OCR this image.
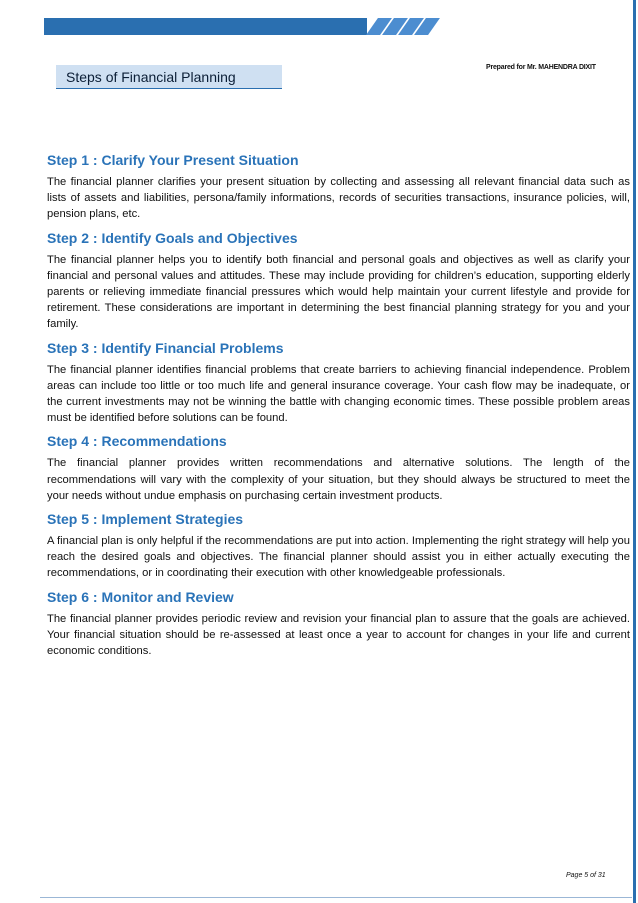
Steps of Financial Planning
Prepared for Mr. MAHENDRA DIXIT
Step 1 : Clarify Your Present Situation

The financial planner clarifies your present situation by collecting and assessing all relevant financial data such as lists of assets and liabilities, persona/family informations, records of securities transactions, insurance policies, will, pension plans, etc.

Step 2 : Identify Goals and Objectives

The financial planner helps you to identify both financial and personal goals and objectives as well as clarify your financial and personal values and attitudes. These may include providing for children’s education, supporting elderly parents or relieving immediate financial pressures which would help maintain your current lifestyle and provide for retirement. These considerations are important in determining the best financial planning strategy for you and your family.

Step 3 : Identify Financial Problems

The financial planner identifies financial problems that create barriers to achieving financial independence. Problem areas can include too little or too much life and general insurance coverage. Your cash flow may be inadequate, or the current investments may not be winning the battle with changing economic times. These possible problem areas must be identified before solutions can be found.

Step 4 : Recommendations

The financial planner provides written recommendations and alternative solutions. The length of the recommendations will vary with the complexity of your situation, but they should always be structured to meet the your needs without undue emphasis on purchasing certain investment products.

Step 5 : Implement Strategies

A financial plan is only helpful if the recommendations are put into action. Implementing the right strategy will help you reach the desired goals and objectives. The financial planner should assist you in either actually executing the recommendations, or in coordinating their execution with other knowledgeable professionals.

Step 6 : Monitor and Review

The financial planner provides periodic review and revision your financial plan to assure that the goals are achieved. Your financial situation should be re-assessed at least once a year to account for changes in your life and current economic conditions.

Page 5 of 31
